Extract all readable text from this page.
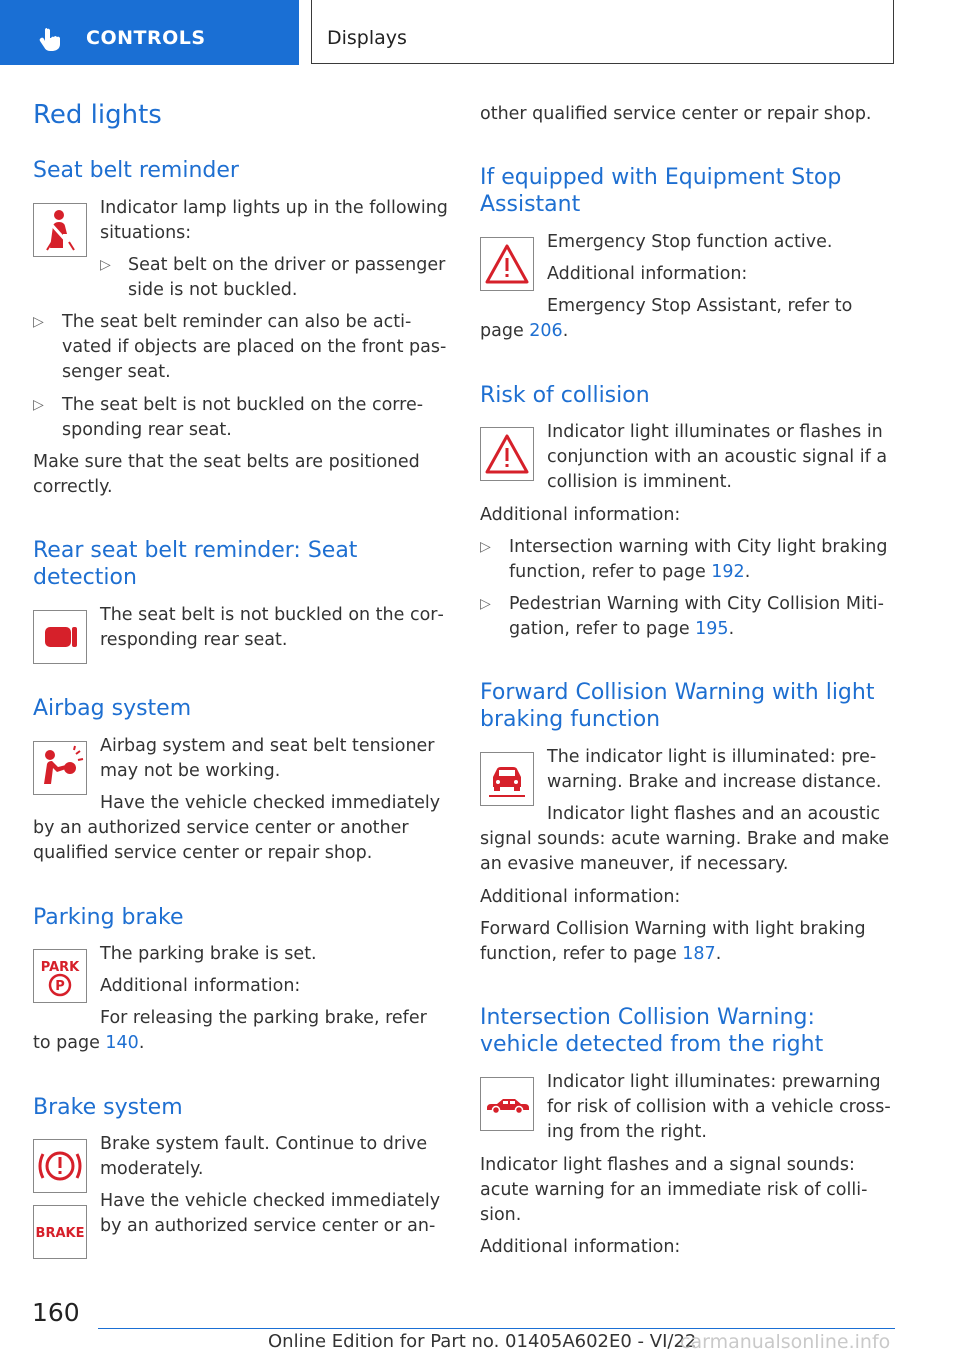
CONTROLS	Displays
Red lights
Seat belt reminder
Indicator lamp lights up in the following situations:
▷ Seat belt on the driver or passenger side is not buckled.
▷	The seat belt reminder can also be activated if objects are placed on the front passenger seat.
▷	The seat belt is not buckled on the corresponding rear seat.
Make sure that the seat belts are positioned correctly.
Rear seat belt reminder: Seat detection
The seat belt is not buckled on the corresponding rear seat.
Airbag system
Airbag system and seat belt tensioner may not be working.
Have the vehicle checked immediately by an authorized service center or another qualified service center or repair shop.
Parking brake
PARK
P
The parking brake is set.
Additional information:
For releasing the parking brake, refer to page 140.
Brake system
BRAKE
Brake system fault. Continue to drive moderately.
Have the vehicle checked immediately by an authorized service center or an-
other qualified service center or repair shop.
If equipped with Equipment Stop Assistant
Emergency Stop function active.
Additional information:
Emergency Stop Assistant, refer to page 206.
Risk of collision
Indicator light illuminates or flashes in conjunction with an acoustic signal if a collision is imminent.
Additional information:
▷	Intersection warning with City light braking function, refer to page 192.
▷	Pedestrian Warning with City Collision Mitigation, refer to page 195.
Forward Collision Warning with light braking function
The indicator light is illuminated: prewarning. Brake and increase distance.
Indicator light flashes and an acoustic signal sounds: acute warning. Brake and make an evasive maneuver, if necessary.
Additional information:
Forward Collision Warning with light braking function, refer to page 187.
Intersection Collision Warning: vehicle detected from the right
Indicator light illuminates: prewarning for risk of collision with a vehicle crossing from the right.
Indicator light flashes and a signal sounds: acute warning for an immediate risk of collision.
Additional information:
160
Online Edition for Part no. 01405A602E0 - VI/22
carmanualsonline.info
